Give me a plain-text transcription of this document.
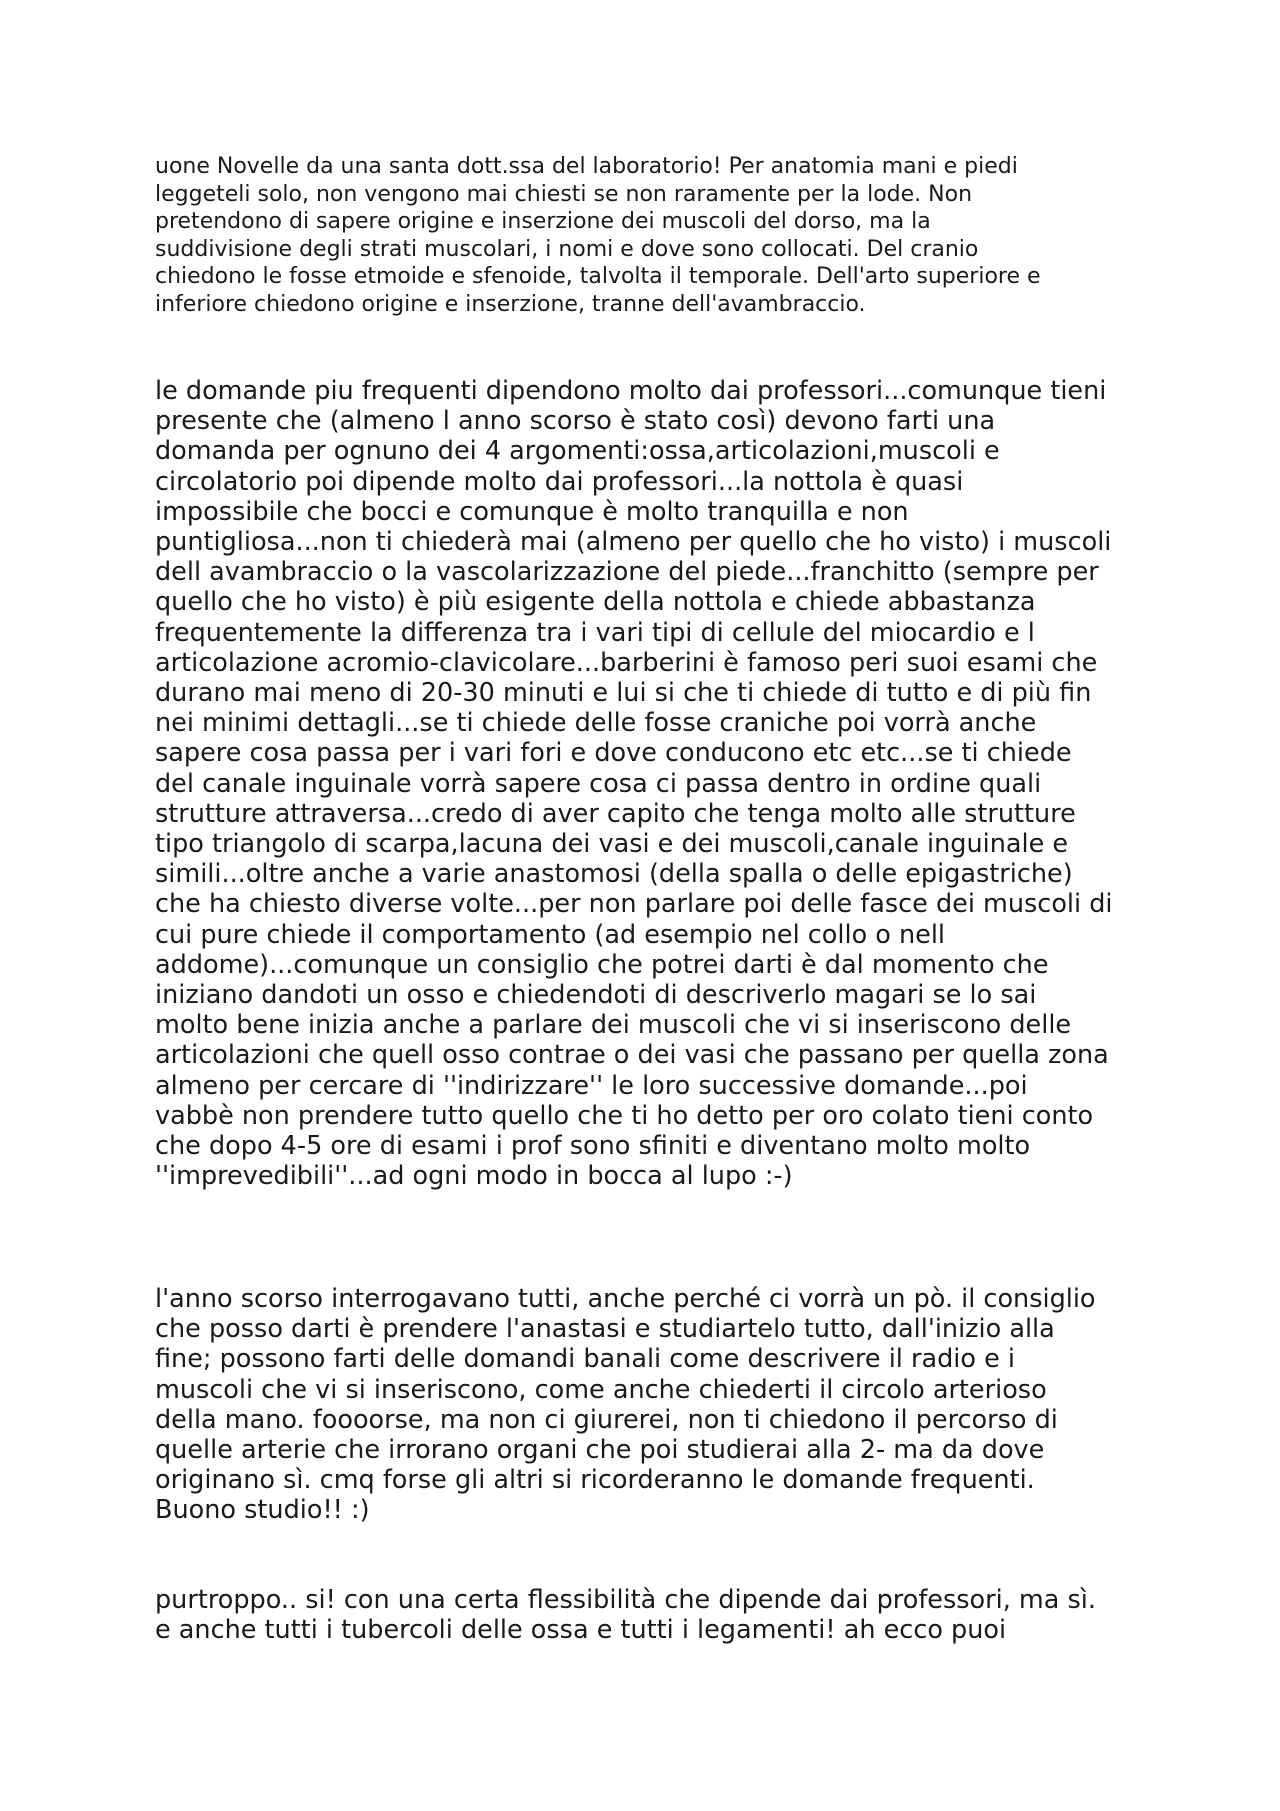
uone Novelle da una santa dott.ssa del laboratorio! Per anatomia mani e piedi
leggeteli solo, non vengono mai chiesti se non raramente per la lode. Non
pretendono di sapere origine e inserzione dei muscoli del dorso, ma la
suddivisione degli strati muscolari, i nomi e dove sono collocati. Del cranio
chiedono le fosse etmoide e sfenoide, talvolta il temporale. Dell'arto superiore e
inferiore chiedono origine e inserzione, tranne dell'avambraccio.
le domande piu frequenti dipendono molto dai professori...comunque tieni
presente che (almeno l anno scorso è stato così) devono farti una
domanda per ognuno dei 4 argomenti:ossa,articolazioni,muscoli e
circolatorio poi dipende molto dai professori...la nottola è quasi
impossibile che bocci e comunque è molto tranquilla e non
puntigliosa...non ti chiederà mai (almeno per quello che ho visto) i muscoli
dell avambraccio o la vascolarizzazione del piede...franchitto (sempre per
quello che ho visto) è più esigente della nottola e chiede abbastanza
frequentemente la differenza tra i vari tipi di cellule del miocardio e l
articolazione acromio-clavicolare...barberini è famoso peri suoi esami che
durano mai meno di 20-30 minuti e lui si che ti chiede di tutto e di più fin
nei minimi dettagli...se ti chiede delle fosse craniche poi vorrà anche
sapere cosa passa per i vari fori e dove conducono etc etc...se ti chiede
del canale inguinale vorrà sapere cosa ci passa dentro in ordine quali
strutture attraversa...credo di aver capito che tenga molto alle strutture
tipo triangolo di scarpa,lacuna dei vasi e dei muscoli,canale inguinale e
simili...oltre anche a varie anastomosi (della spalla o delle epigastriche)
che ha chiesto diverse volte...per non parlare poi delle fasce dei muscoli di
cui pure chiede il comportamento (ad esempio nel collo o nell
addome)...comunque un consiglio che potrei darti è dal momento che
iniziano dandoti un osso e chiedendoti di descriverlo magari se lo sai
molto bene inizia anche a parlare dei muscoli che vi si inseriscono delle
articolazioni che quell osso contrae o dei vasi che passano per quella zona
almeno per cercare di ''indirizzare'' le loro successive domande...poi
vabbè non prendere tutto quello che ti ho detto per oro colato tieni conto
che dopo 4-5 ore di esami i prof sono sfiniti e diventano molto molto
''imprevedibili''...ad ogni modo in bocca al lupo :-)
l'anno scorso interrogavano tutti, anche perché ci vorrà un pò. il consiglio
che posso darti è prendere l'anastasi e studiartelo tutto, dall'inizio alla
fine; possono farti delle domandi banali come descrivere il radio e i
muscoli che vi si inseriscono, come anche chiederti il circolo arterioso
della mano. foooorse, ma non ci giurerei, non ti chiedono il percorso di
quelle arterie che irrorano organi che poi studierai alla 2- ma da dove
originano sì. cmq forse gli altri si ricorderanno le domande frequenti.
Buono studio!! :)
purtroppo.. si! con una certa flessibilità che dipende dai professori, ma sì.
e anche tutti i tubercoli delle ossa e tutti i legamenti! ah ecco puoi
